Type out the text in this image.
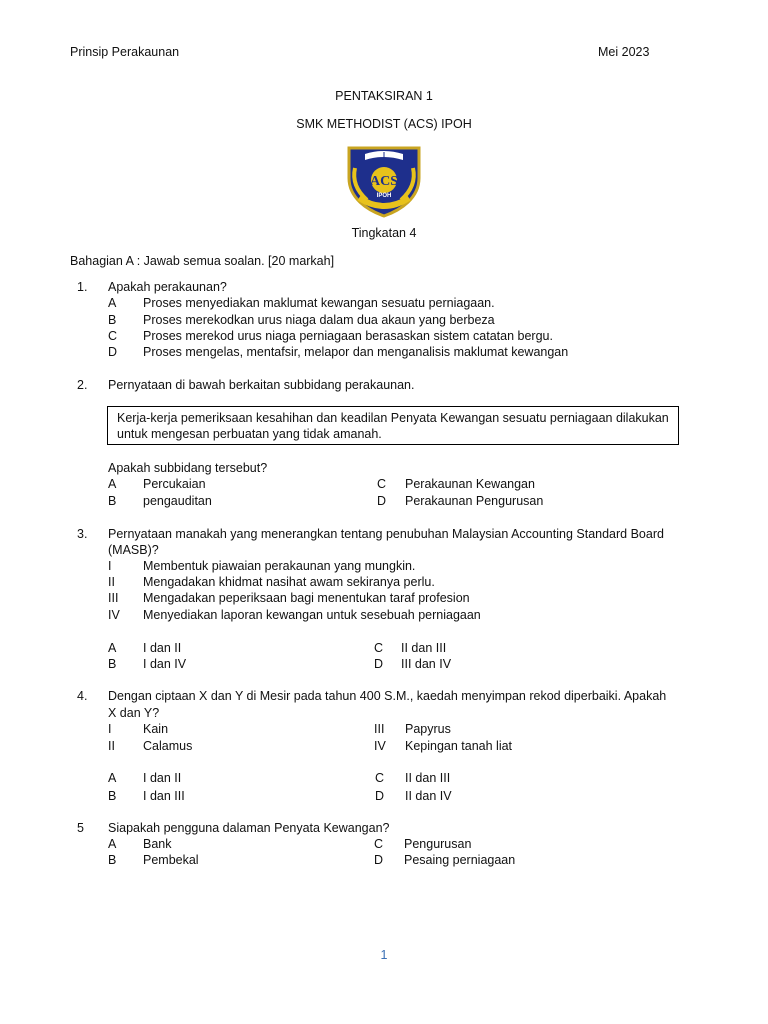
Prinsip Perakaunan	Mei 2023
PENTAKSIRAN 1
SMK METHODIST (ACS) IPOH
ACS
IPOH
Tingkatan 4
Bahagian A : Jawab semua soalan. [20 markah]
1. Apakah perakaunan?
A Proses menyediakan maklumat kewangan sesuatu perniagaan.
B Proses merekodkan urus niaga dalam dua akaun yang berbeza
C Proses merekod urus niaga perniagaan berasaskan sistem catatan bergu.
D Proses mengelas, mentafsir, melapor dan menganalisis maklumat kewangan
2. Pernyataan di bawah berkaitan subbidang perakaunan.
Kerja-kerja pemeriksaan kesahihan dan keadilan Penyata Kewangan sesuatu perniagaan dilakukan
untuk mengesan perbuatan yang tidak amanah.
Apakah subbidang tersebut?
A Percukaian
B pengauditan
C Perakaunan Kewangan
D Perakaunan Pengurusan
3. Pernyataan manakah yang menerangkan tentang penubuhan Malaysian Accounting Standard Board
(MASB)?
I	Membentuk piawaian perakaunan yang mungkin.
II Mengadakan khidmat nasihat awam sekiranya perlu.
III Mengadakan peperiksaan bagi menentukan taraf profesion
IV Menyediakan laporan kewangan untuk sesebuah perniagaan
A I dan II
B I dan IV
C II dan III
D III dan IV
4. Dengan ciptaan X dan Y di Mesir pada tahun 400 S.M., kaedah menyimpan rekod diperbaiki. Apakah
X dan Y?
I	Kain
II Calamus
III Papyrus
IV Kepingan tanah liat
A I dan II
B I dan III
C II dan III
D II dan IV
5 Siapakah pengguna dalaman Penyata Kewangan?
A Bank
B Pembekal
C Pengurusan
D Pesaing perniagaan
1
